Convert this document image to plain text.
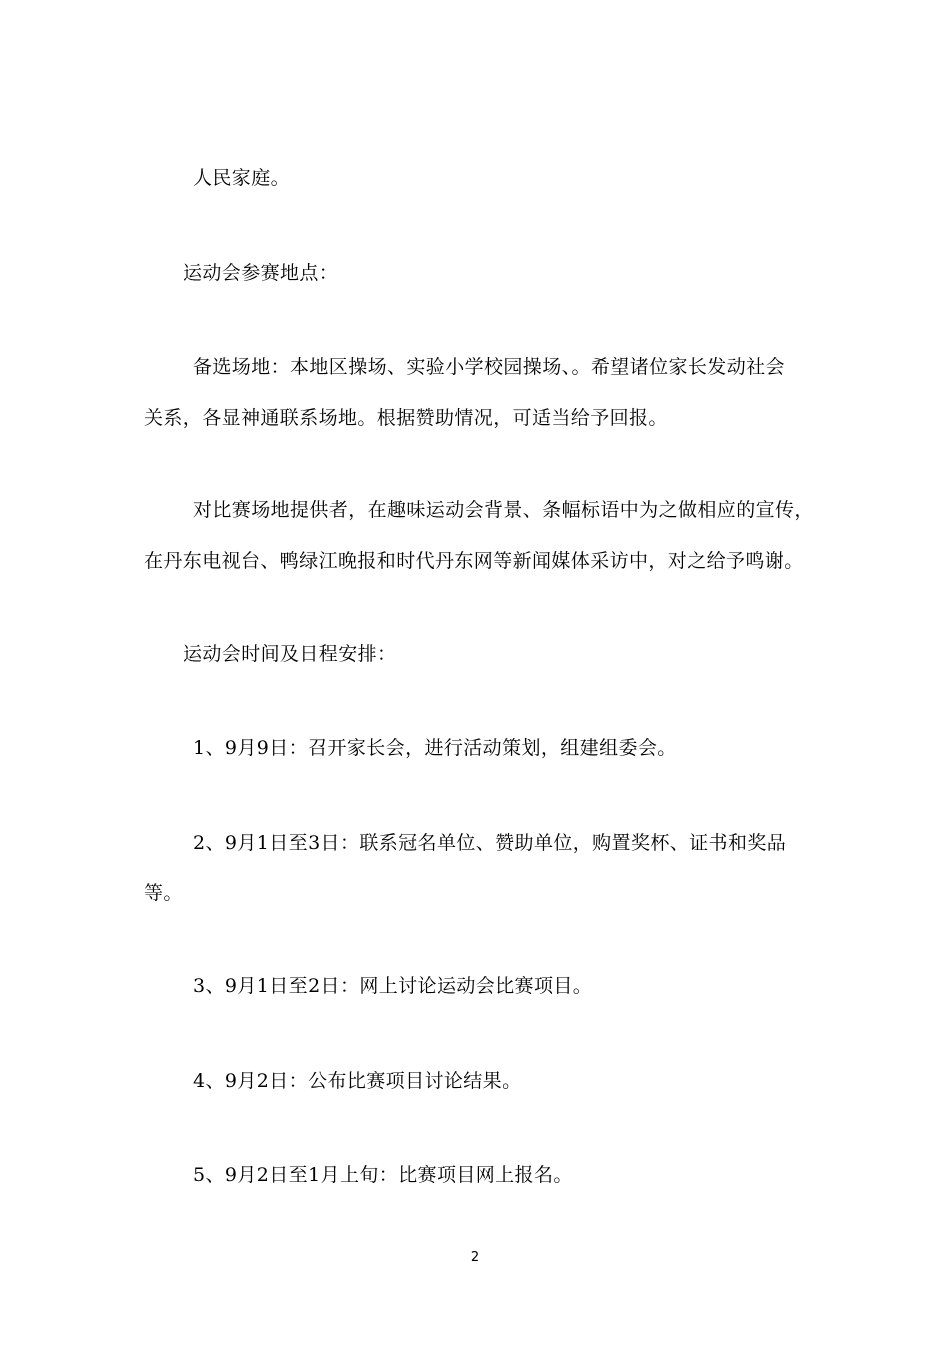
人民家庭。
运动会参赛地点：
备选场地：本地区操场、实验小学校园操场、。希望诸位家长发动社会
关系，各显神通联系场地。根据赞助情况，可适当给予回报。
对比赛场地提供者，在趣味运动会背景、条幅标语中为之做相应的宣传，
在丹东电视台、鸭绿江晚报和时代丹东网等新闻媒体采访中，对之给予鸣谢。
运动会时间及日程安排：
1、9月9日：召开家长会，进行活动策划，组建组委会。
2、9月1日至3日：联系冠名单位、赞助单位，购置奖杯、证书和奖品
等。
3、9月1日至2日：网上讨论运动会比赛项目。
4、9月2日：公布比赛项目讨论结果。
5、9月2日至1月上旬：比赛项目网上报名。
2
